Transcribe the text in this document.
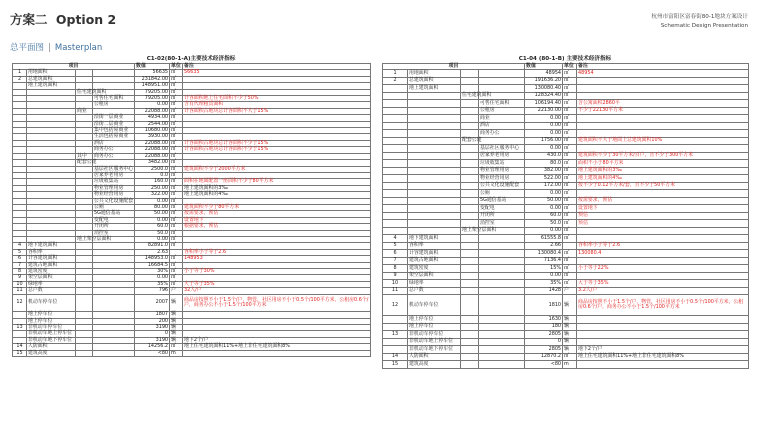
方案二 Option 2	杭州市富阳区富春街80-1地块方案设计
Schematic Design Presentation
总平面图 | Masterplan
C1-02(80-1-A)主要技术经济指标
项目				数值	单位	备注
1	用地面积			56635	㎡	56635
2	总建筑面积			231842.00	㎡	
	地上建筑面积			148951.00	㎡	
		住宅建筑面积		79205.00	㎡	
			可售住宅面积	79205.00	㎡	计容面积地上住宅面积不少于50%
			公租房	0.00	㎡	含有代理租赁面积
		商业		22088.00	㎡	计容面积占地块总计容面积不大于15%
			沿街一层商业	4934.00	㎡	
			沿街二层商业	2544.00	㎡	
			集中包括屋商业	10680.00	㎡	
			生活包括屋商业	3930.00	㎡	
			酒店	22088.00	㎡	计容面积占地块总计容面积不少于15%
			商务办公	22088.00	㎡	计容面积占地块总计容面积不少于15%
		其中	商务办公	22088.00	㎡	
		配套公建		3482.00	㎡	
			基层社区服务中心	2500.0	㎡	建筑面积不少于2000平方米
			居家养老用房	0.0	㎡	
			垃圾收集站	160.0	㎡	面积在地面配置一座面积不少于80平方米
			物业管理用房	250.00	㎡	地上建筑面积的3‰
			物业经营用房	322.00	㎡	地上建筑面积的4‰
			公共文化设施配套	0.00	㎡	
			公厕	80.00	㎡	建筑面积不少于80平方米
			5G通信基站	50.00	㎡	按需要求，预估
			变配电	0.00	㎡	设置地下
			开闭所	60.0	㎡	根据要求，预估
			消控室	50.0	㎡	
		地上架空层面积		0.00	㎡	
4	地下建筑面积			82891.0	㎡	
5	容积率			2.63		容积率小于等于2.6
6	计容建筑面积			148953.0	㎡	148953
7	建筑占地面积			16684.5	㎡	
8	建筑密度			30%	㎡	小于等于30%
9	架空层面积			0.00	㎡	
10	绿地率			35%	㎡	大于等于35%
11	总户数			796	户	32人/户
12	机动车停车位			2007	辆	商品房按照不小于1.5个/户，物管，社区用房不小于0.5个/100平方米，公租房0.6个/户，商务办公不小于1.5个/100平方米
	地上停车位			1807	辆	
	地上停车位			200	辆	
13	非机动车停车位			3190	辆	
	非机动车地上停车位			0	辆	
	非机动车地下停车位			3190	辆	地下2个/户
14	人防面积			14256.2	㎡	地上住宅建筑面积11%+地上非住宅建筑面积8%
15	建筑高度			<80	m	
C1-04 (80-1-B) 主要技术经济指标
项目				数值	单位	备注
1	用地面积			48954	㎡	48954
2	总建筑面积			191636.20	㎡	
	地上建筑面积			130080.40	㎡	
		住宅建筑面积		128324.40	㎡	
			可售住宅面积	106194.40	㎡	含公寓面积2860平
			公租房	22130.00	㎡	不少于22130平方米
			商业	0.00	㎡	
			酒店	0.00	㎡	
			商务办公	0.00	㎡	
		配套公建		1756.00	㎡	建筑面积不大于地面上总建筑面积10%
			基层社区服务中心	0.00	㎡	
			居家养老用房	430.0	㎡	建筑面积不少于30平方米/百户，且不少于300平方米
			垃圾收集站	80.0	㎡	面积不小于80平方米
			物业管理用房	382.00	㎡	地上建筑面积的3‰
			物业经营用房	522.00	㎡	地上建筑面积的4‰
			公共文化设施配套	172.00	㎡	按不少于0.12平方米/套，且不少于50平方米
			公厕	0.00	㎡	
			5G通信基站	50.00	㎡	按需要求，预估
			变配电	0.00	㎡	设置地下
			开闭所	60.0	㎡	预估
			消控室	50.0	㎡	预估
		地上架空层面积		0.00	㎡	
4	地下建筑面积			61555.8	㎡	
5	容积率			2.66		容积率小于等于2.6
6	计容建筑面积			130080.4	㎡	130080.4
7	建筑占地面积			7136.4	㎡	
8	建筑密度			15%	㎡	小于等于22%
9	架空层面积			0.00	㎡	
10	绿地率			35%	㎡	大于等于35%
11	总户数			1428	户	3.2人/户
12	机动车停车位			1810	辆	商品房按照不小于1.5个/户，物管，社区用房不小于0.5个/100平方米，公租房0.6个/户，商务办公不小于1.5个/100平方米
	地上停车位			1630	辆	
	地上停车位			180	辆	
13	非机动车停车位			2805	辆	
	非机动车地上停车位			0	辆	
	非机动车地下停车位			2805	辆	地下2个/户
14	人防面积			12870.2	㎡	地上住宅建筑面积11%+地上非住宅建筑面积8%
15	建筑高度			<80	m	
